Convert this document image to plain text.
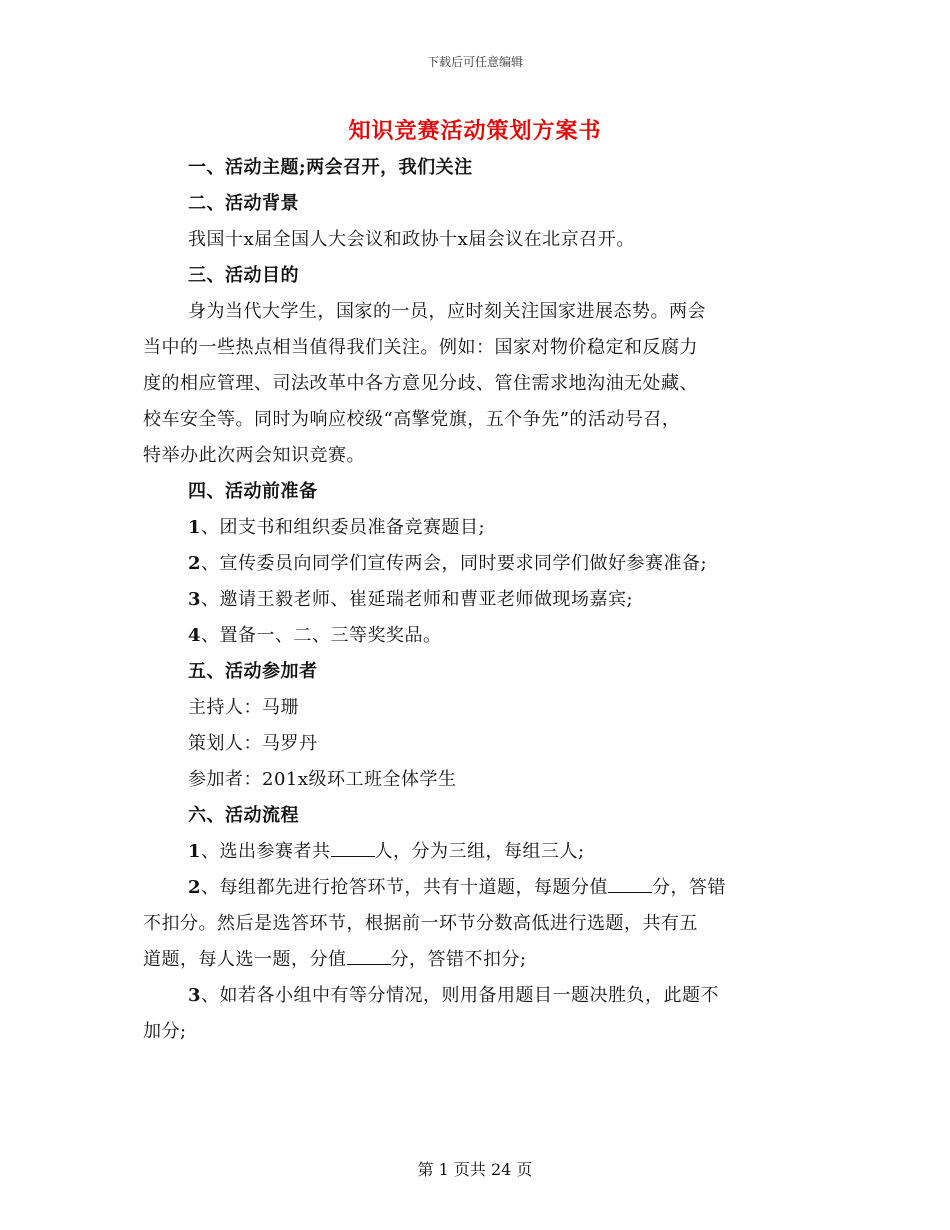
下载后可任意编辑
知识竞赛活动策划方案书
一、活动主题;两会召开，我们关注
二、活动背景
我国十x届全国人大会议和政协十x届会议在北京召开。
三、活动目的
身为当代大学生，国家的一员，应时刻关注国家进展态势。两会
当中的一些热点相当值得我们关注。例如：国家对物价稳定和反腐力
度的相应管理、司法改革中各方意见分歧、管住需求地沟油无处藏、
校车安全等。同时为响应校级“高擎党旗，五个争先”的活动号召，
特举办此次两会知识竞赛。
四、活动前准备
1、团支书和组织委员准备竞赛题目;
2、宣传委员向同学们宣传两会，同时要求同学们做好参赛准备;
3、邀请王毅老师、崔延瑞老师和曹亚老师做现场嘉宾;
4、置备一、二、三等奖奖品。
五、活动参加者
主持人：马珊
策划人：马罗丹
参加者：201x级环工班全体学生
六、活动流程
1、选出参赛者共 人，分为三组，每组三人;
2、每组都先进行抢答环节，共有十道题，每题分值 分，答错
不扣分。然后是选答环节，根据前一环节分数高低进行选题，共有五
道题，每人选一题，分值 分，答错不扣分;
3、如若各小组中有等分情况，则用备用题目一题决胜负，此题不
加分;
第 1 页共 24 页
